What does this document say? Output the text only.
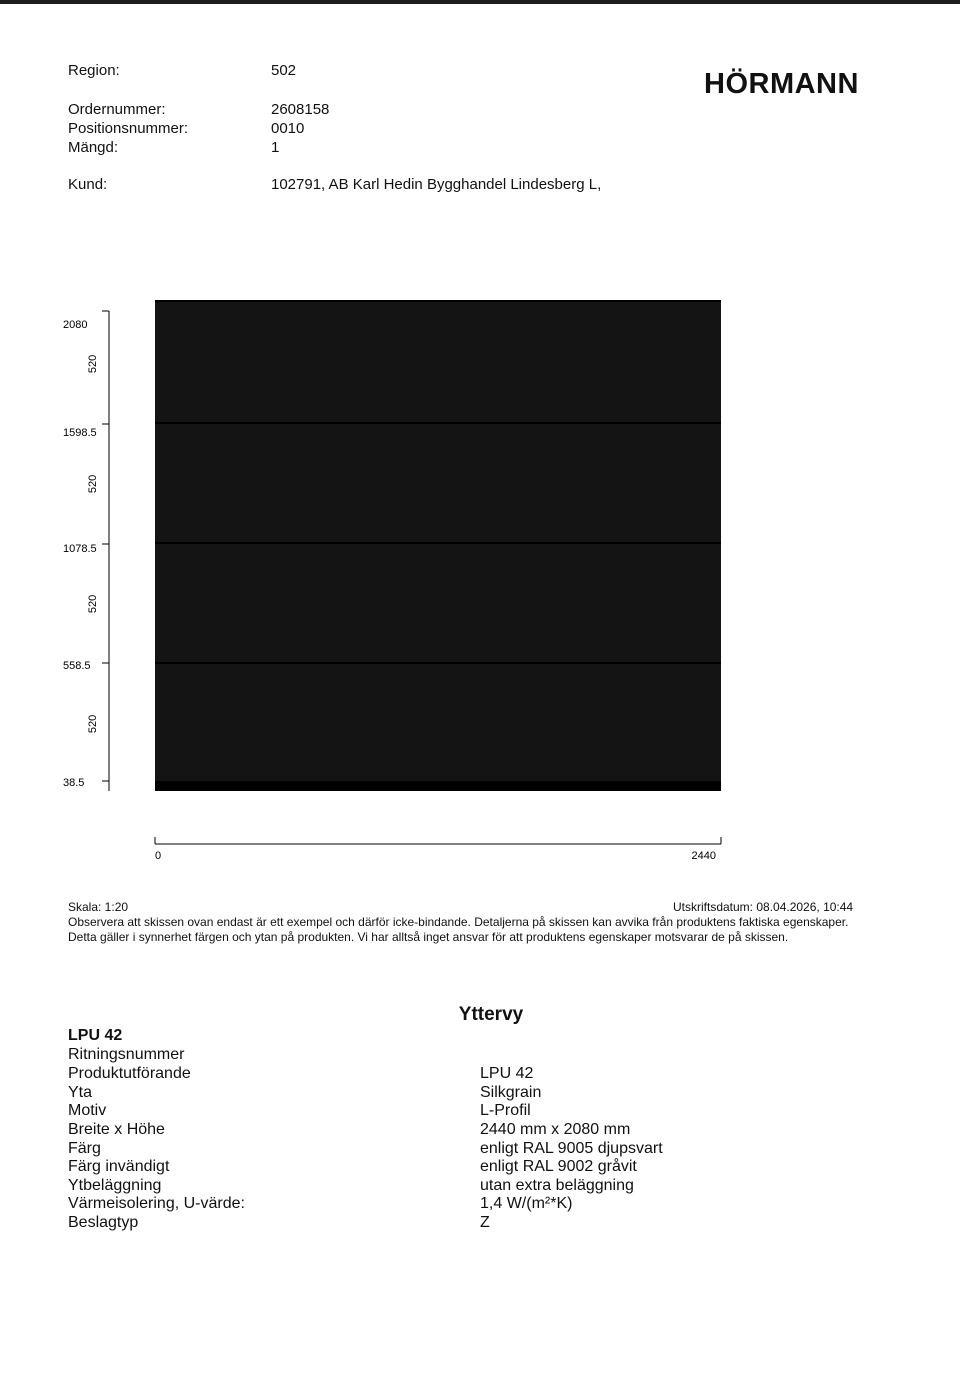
Region:	502
Ordernummer:	2608158
Positionsnummer:	0010
Mängd:	1
Kund:	102791, AB Karl Hedin Bygghandel Lindesberg L,
HÖRMANN
2080
1598.5
1078.5
558.5
38.5
520
520
520
520
0	2440
Skala: 1:20	Utskriftsdatum: 08.04.2026, 10:44
Observera att skissen ovan endast är ett exempel och därför icke-bindande. Detaljerna på skissen kan avvika från produktens faktiska egenskaper. Detta gäller i synnerhet färgen och ytan på produkten. Vi har alltså inget ansvar för att produktens egenskaper motsvarar de på skissen.
Yttervy
LPU 42
Ritningsnummer
Produktutförande	LPU 42
Yta	Silkgrain
Motiv	L-Profil
Breite x Höhe	2440 mm x 2080 mm
Färg	enligt RAL 9005 djupsvart
Färg invändigt	enligt RAL 9002 gråvit
Ytbeläggning	utan extra beläggning
Värmeisolering, U-värde:	1,4 W/(m²*K)
Beslagtyp	Z
